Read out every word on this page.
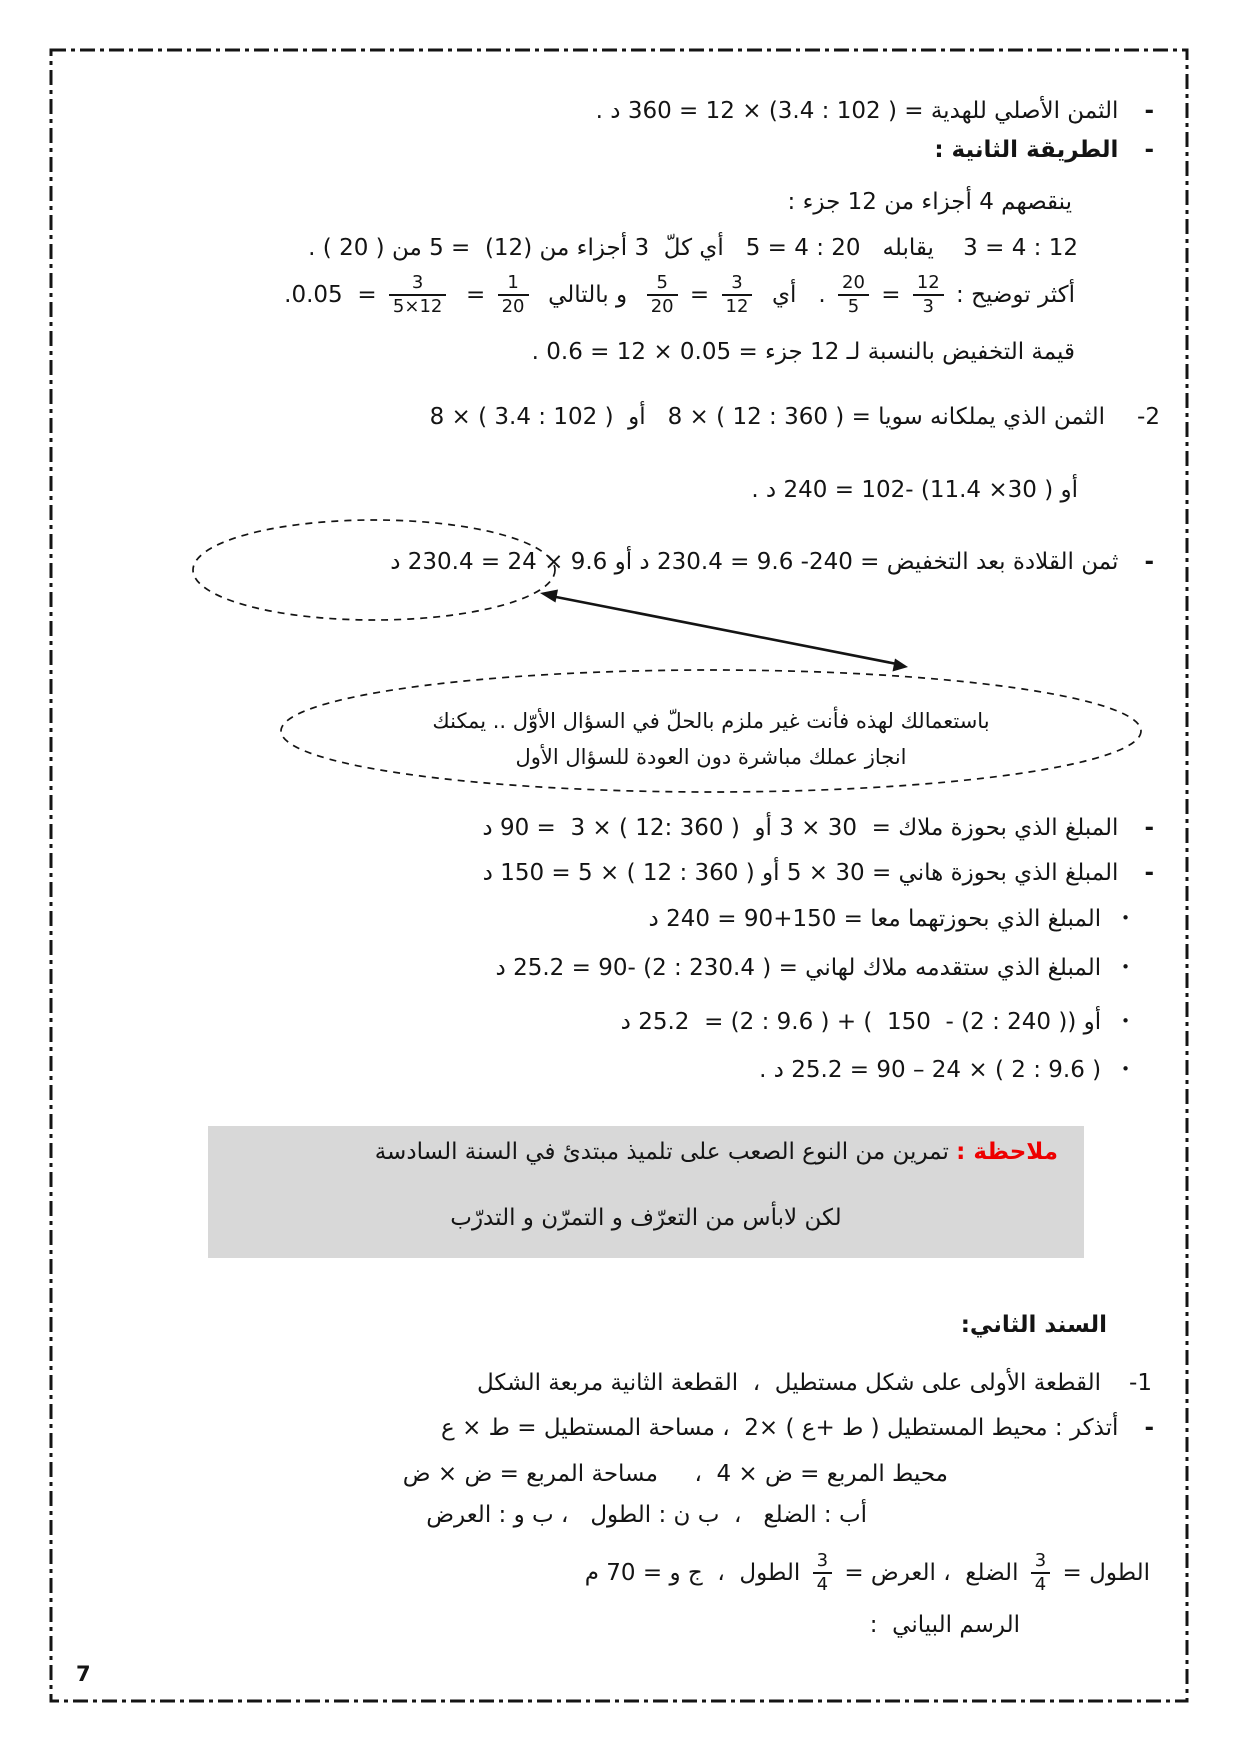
-الثمن الأصلي للهدية = ( 102 : 3.4) × 12 = 360 د .
-الطريقة الثانية :
ينقصهم 4 أجزاء من 12 جزء :
12 : 4 = 3    يقابله   20 : 4 = 5   أي كلّ  3 أجزاء من (12)  = 5 من ( 20 ) .
أكثر توضيح :
$\frac{12}{3}$
=
$\frac{20}{5}$
.   أي
$\frac{3}{12}$
=
$\frac{5}{20}$
و بالتالي
$\frac{1}{20}$
=
$\frac{3}{5\times 12}$
=  0.05.
قيمة التخفيض بالنسبة لـ 12 جزء = 0.05 × 12 = 0.6 .
2-الثمن الذي يملكانه سويا = ( 360 : 12 ) × 8   أو  ( 102 : 3.4 ) × 8
أو ( 30× 11.4) -102 = 240 د .
-ثمن القلادة بعد التخفيض = 240- 9.6 = 230.4 د أو 9.6 × 24 = 230.4 د
باستعمالك لهذه فأنت غير ملزم بالحلّ في السؤال الأوّل .. يمكنك
انجاز عملك مباشرة دون العودة للسؤال الأول
-المبلغ الذي بحوزة ملاك =  30 × 3 أو  ( 360 :12 ) × 3  = 90 د
-المبلغ الذي بحوزة هاني = 30 × 5 أو ( 360 : 12 ) × 5 = 150 د
•المبلغ الذي بحوزتهما معا = 150+90 = 240 د
•المبلغ الذي ستقدمه ملاك لهاني = ( 230.4 : 2) -90 = 25.2 د
•أو (( 240 : 2) -  150  ) + ( 9.6 : 2) =  25.2 د
•( 9.6 : 2 ) × 24 – 90 = 25.2 د .
ملاحظة : تمرين من النوع الصعب على تلميذ مبتدئ في السنة السادسة
لكن لابأس من التعرّف و التمرّن و التدرّب
السند الثاني:
1-القطعة الأولى على شكل مستطيل  ،  القطعة الثانية مربعة الشكل
-أتذكر : محيط المستطيل ( ط +ع ) ×2  ، مساحة المستطيل = ط × ع
محيط المربع = ض × 4  ،     مساحة المربع = ض × ض
أب : الضلع   ،  ب ن : الطول   ، ب و : العرض
الطول =
$\frac{3}{4}$
الضلع  ، العرض =
$\frac{3}{4}$
الطول  ،  ج و = 70 م
الرسم البياني  :
7
